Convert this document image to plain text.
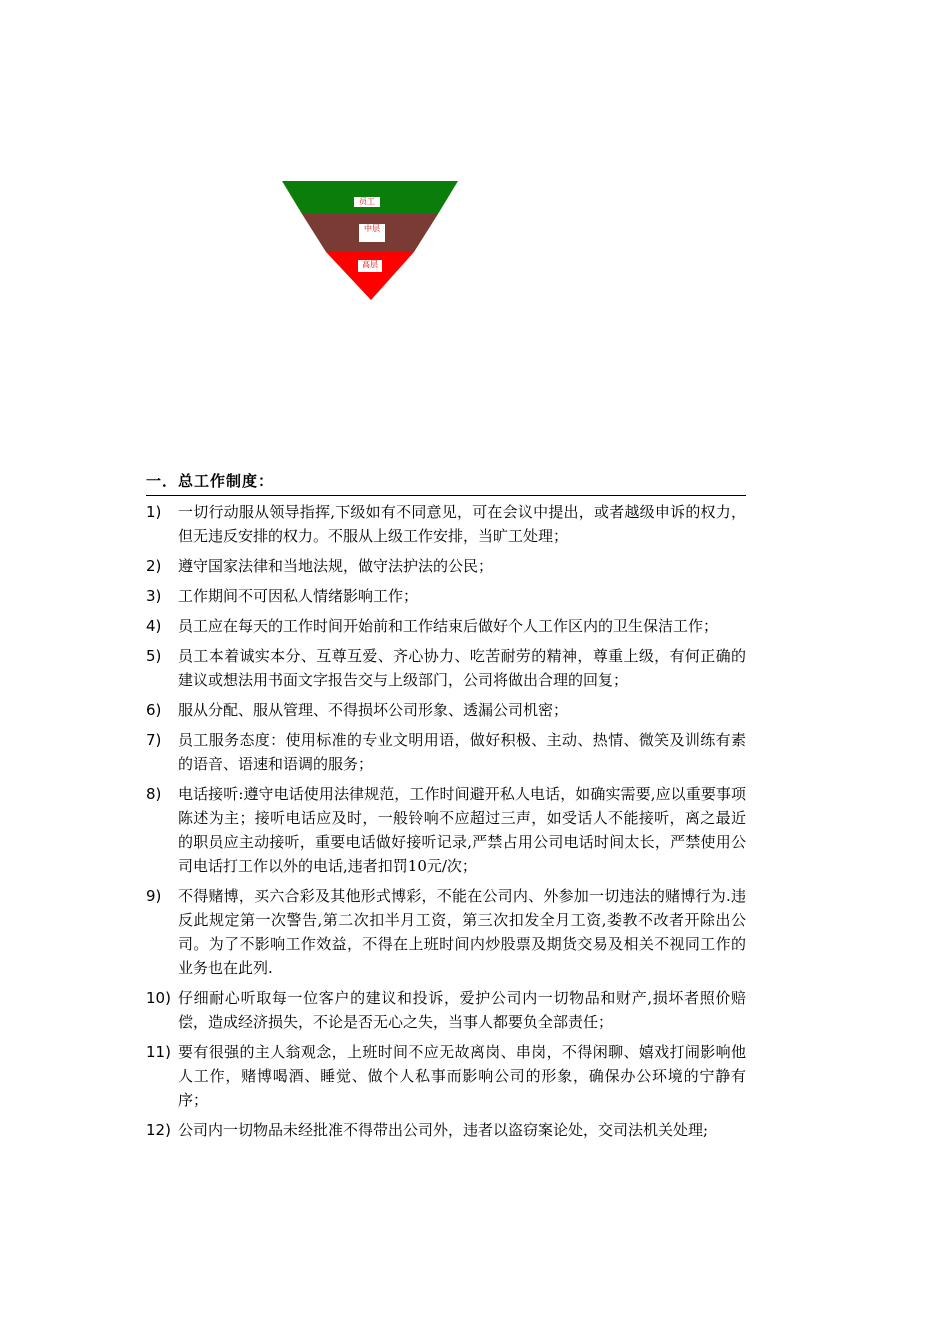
员工
中层
高层
一．总工作制度：
1)	一切行动服从领导指挥,下级如有不同意见，可在会议中提出，或者越级申诉的权力，但无违反安排的权力。不服从上级工作安排，当旷工处理；
2)	遵守国家法律和当地法规，做守法护法的公民；
3)	工作期间不可因私人情绪影响工作；
4)	员工应在每天的工作时间开始前和工作结束后做好个人工作区内的卫生保洁工作；
5)	员工本着诚实本分、互尊互爱、齐心协力、吃苦耐劳的精神，尊重上级，有何正确的建议或想法用书面文字报告交与上级部门，公司将做出合理的回复；
6)	服从分配、服从管理、不得损坏公司形象、透漏公司机密；
7)	员工服务态度：使用标准的专业文明用语，做好积极、主动、热情、微笑及训练有素的语音、语速和语调的服务；
8)	电话接听:遵守电话使用法律规范，工作时间避开私人电话，如确实需要,应以重要事项陈述为主；接听电话应及时，一般铃响不应超过三声，如受话人不能接听，离之最近的职员应主动接听，重要电话做好接听记录,严禁占用公司电话时间太长，严禁使用公司电话打工作以外的电话,违者扣罚10元/次；
9)	不得赌博，买六合彩及其他形式博彩，不能在公司内、外参加一切违法的赌博行为.违反此规定第一次警告,第二次扣半月工资，第三次扣发全月工资,娄教不改者开除出公司。为了不影响工作效益，不得在上班时间内炒股票及期货交易及相关不视同工作的业务也在此列.
10) 仔细耐心听取每一位客户的建议和投诉，爱护公司内一切物品和财产,损坏者照价赔偿，造成经济损失，不论是否无心之失，当事人都要负全部责任；
11) 要有很强的主人翁观念，上班时间不应无故离岗、串岗，不得闲聊、嬉戏打闹影响他人工作，赌博喝酒、睡觉、做个人私事而影响公司的形象，确保办公环境的宁静有序；
12) 公司内一切物品未经批准不得带出公司外，违者以盗窃案论处，交司法机关处理;
